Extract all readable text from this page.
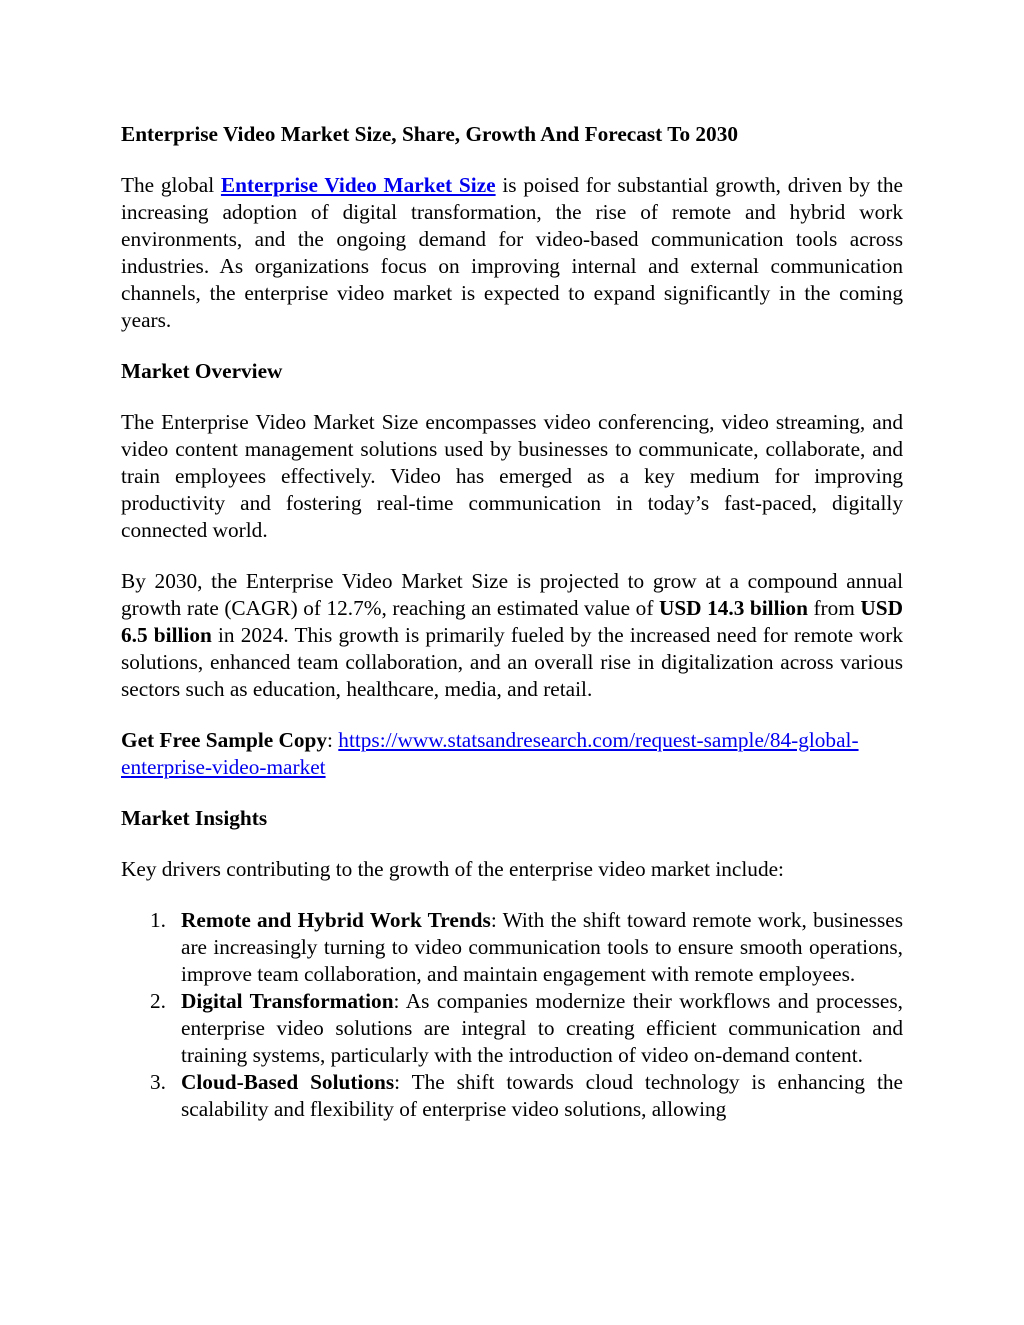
Enterprise Video Market Size, Share, Growth And Forecast To 2030

The global Enterprise Video Market Size is poised for substantial growth, driven by the increasing adoption of digital transformation, the rise of remote and hybrid work environments, and the ongoing demand for video-based communication tools across industries. As organizations focus on improving internal and external communication channels, the enterprise video market is expected to expand significantly in the coming years.

Market Overview

The Enterprise Video Market Size encompasses video conferencing, video streaming, and video content management solutions used by businesses to communicate, collaborate, and train employees effectively. Video has emerged as a key medium for improving productivity and fostering real-time communication in today’s fast-paced, digitally connected world.

By 2030, the Enterprise Video Market Size is projected to grow at a compound annual growth rate (CAGR) of 12.7%, reaching an estimated value of USD 14.3 billion from USD 6.5 billion in 2024. This growth is primarily fueled by the increased need for remote work solutions, enhanced team collaboration, and an overall rise in digitalization across various sectors such as education, healthcare, media, and retail.

Get Free Sample Copy: https://www.statsandresearch.com/request-sample/84-global-enterprise-video-market

Market Insights

Key drivers contributing to the growth of the enterprise video market include:

1. Remote and Hybrid Work Trends: With the shift toward remote work, businesses are increasingly turning to video communication tools to ensure smooth operations, improve team collaboration, and maintain engagement with remote employees.
2. Digital Transformation: As companies modernize their workflows and processes, enterprise video solutions are integral to creating efficient communication and training systems, particularly with the introduction of video on-demand content.
3. Cloud-Based Solutions: The shift towards cloud technology is enhancing the scalability and flexibility of enterprise video solutions, allowing
